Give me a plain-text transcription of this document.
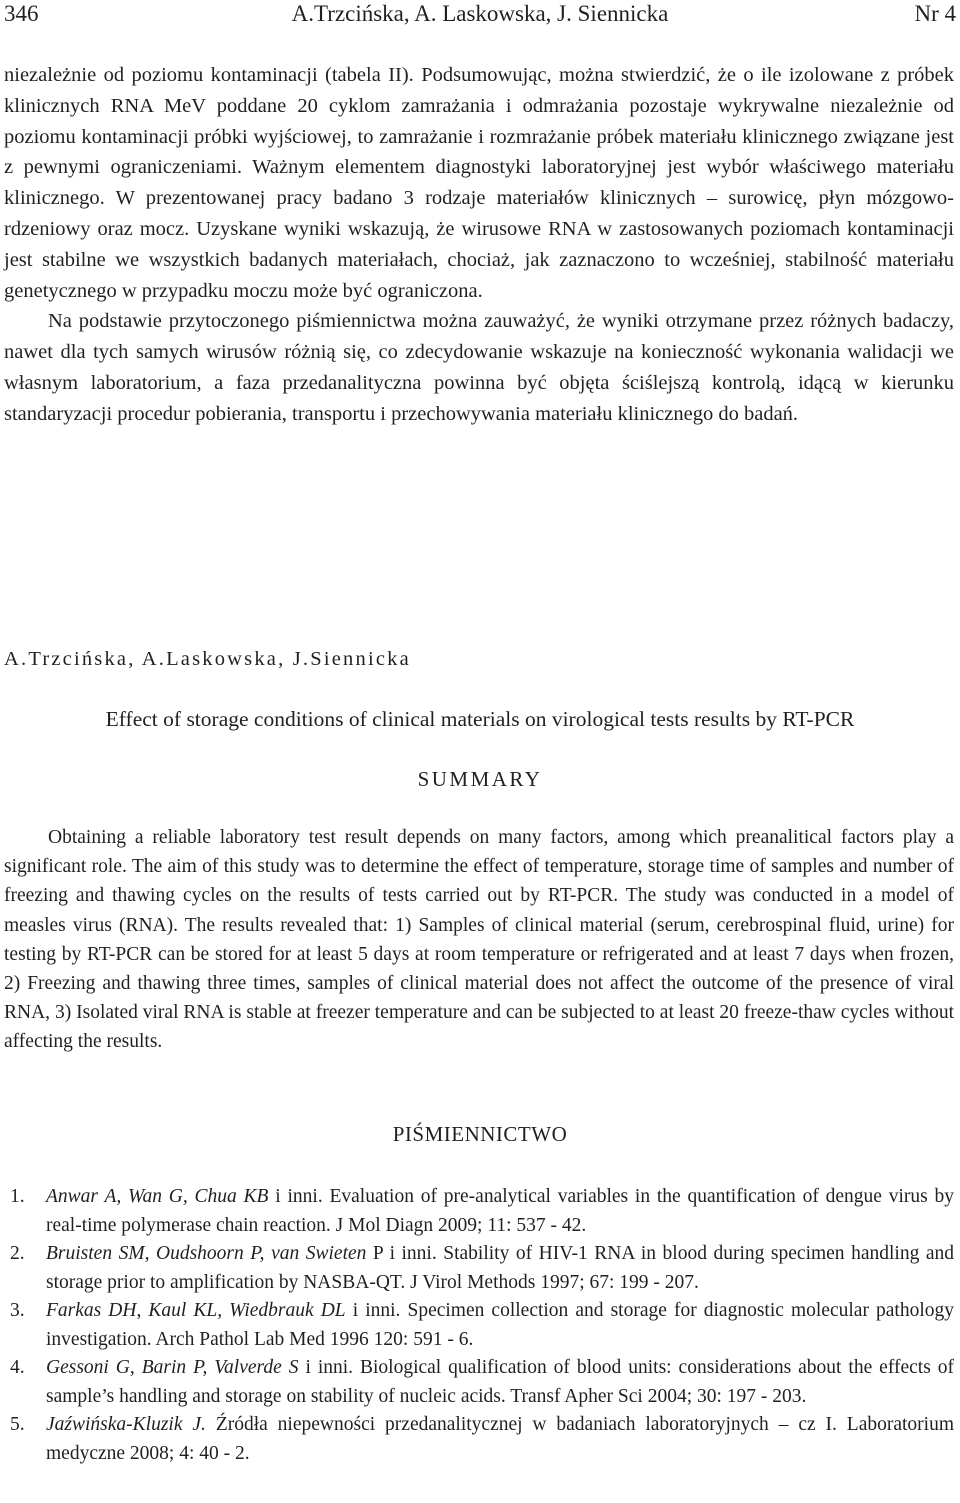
346	A.Trzcińska, A. Laskowska, J. Siennicka	Nr 4

niezależnie od poziomu kontaminacji (tabela II). Podsumowując, można stwierdzić, że o ile izolowane z próbek klinicznych RNA MeV poddane 20 cyklom zamrażania i odmrażania pozostaje wykrywalne niezależnie od poziomu kontaminacji próbki wyjściowej, to zamrażanie i rozmrażanie próbek materiału klinicznego związane jest z pewnymi ograniczeniami. Ważnym elementem diagnostyki laboratoryjnej jest wybór właściwego materiału klinicznego. W prezentowanej pracy badano 3 rodzaje materiałów klinicznych – surowicę, płyn mózgowo-rdzeniowy oraz mocz. Uzyskane wyniki wskazują, że wirusowe RNA w zastosowanych poziomach kontaminacji jest stabilne we wszystkich badanych materiałach, chociaż, jak zaznaczono to wcześniej, stabilność materiału genetycznego w przypadku moczu może być ograniczona.

Na podstawie przytoczonego piśmiennictwa można zauważyć, że wyniki otrzymane przez różnych badaczy, nawet dla tych samych wirusów różnią się, co zdecydowanie wskazuje na konieczność wykonania walidacji we własnym laboratorium, a faza przedanalityczna powinna być objęta ściślejszą kontrolą, idącą w kierunku standaryzacji procedur pobierania, transportu i przechowywania materiału klinicznego do badań.

A.Trzcińska, A.Laskowska, J.Siennicka
Effect of storage conditions of clinical materials on virological tests results by RT-PCR
SUMMARY

Obtaining a reliable laboratory test result depends on many factors, among which preanalitical factors play a significant role. The aim of this study was to determine the effect of temperature, storage time of samples and number of freezing and thawing cycles on the results of tests carried out by RT-PCR. The study was conducted in a model of measles virus (RNA). The results revealed that: 1) Samples of clinical material (serum, cerebrospinal fluid, urine) for testing by RT-PCR can be stored for at least 5 days at room temperature or refrigerated and at least 7 days when frozen, 2) Freezing and thawing three times, samples of clinical material does not affect the outcome of the presence of viral RNA, 3) Isolated viral RNA is stable at freezer temperature and can be subjected to at least 20 freeze-thaw cycles without affecting the results.

PIŚMIENNICTWO
1. Anwar A, Wan G, Chua KB i inni. Evaluation of pre-analytical variables in the quantification of dengue virus by real-time polymerase chain reaction. J Mol Diagn 2009; 11: 537 - 42.
2. Bruisten SM, Oudshoorn P, van Swieten P i inni. Stability of HIV-1 RNA in blood during specimen handling and storage prior to amplification by NASBA-QT. J Virol Methods 1997; 67: 199 - 207.
3. Farkas DH, Kaul KL, Wiedbrauk DL i inni. Specimen collection and storage for diagnostic molecular pathology investigation. Arch Pathol Lab Med 1996 120: 591 - 6.
4. Gessoni G, Barin P, Valverde S i inni. Biological qualification of blood units: considerations about the effects of sample’s handling and storage on stability of nucleic acids. Transf Apher Sci 2004; 30: 197 - 203.
5. Jaźwińska-Kluzik J. Źródła niepewności przedanalitycznej w badaniach laboratoryjnych – cz I. Laboratorium medyczne 2008; 4: 40 - 2.
